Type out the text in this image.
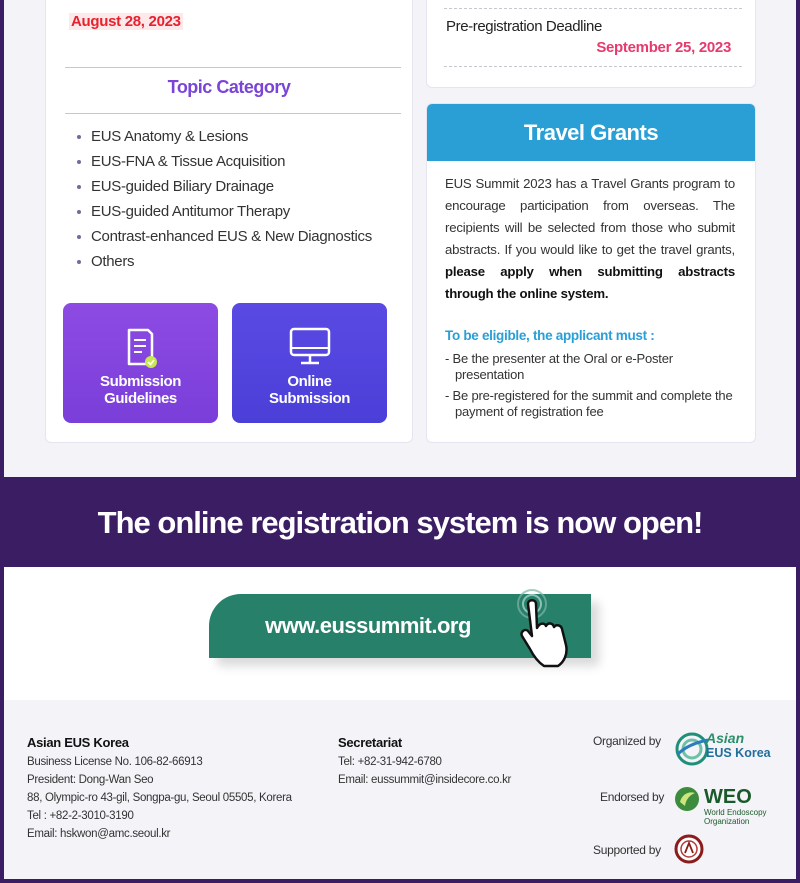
August 28, 2023
Topic Category
EUS Anatomy & Lesions
EUS-FNA & Tissue Acquisition
EUS-guided Biliary Drainage
EUS-guided Antitumor Therapy
Contrast-enhanced EUS & New Diagnostics
Others
Submission
Guidelines
Online
Submission
Pre-registration Deadline
September 25, 2023
Travel Grants
EUS Summit 2023 has a Travel Grants program to encourage participation from overseas. The recipients will be selected from those who submit abstracts. If you would like to get the travel grants, please apply when submitting abstracts through the online system.
To be eligible, the applicant must :
- Be the presenter at the Oral or e-Poster presentation
- Be pre-registered for the summit and complete the payment of registration fee
The online registration system is now open!
www.eussummit.org
Asian EUS Korea
Business License No. 106-82-66913
President: Dong-Wan Seo
88, Olympic-ro 43-gil, Songpa-gu, Seoul 05505, Korera
Tel : +82-2-3010-3190
Email: hskwon@amc.seoul.kr
Secretariat
Tel: +82-31-942-6780
Email: eussummit@insidecore.co.kr
Organized by	Asian
EUS Korea
Endorsed by WEO
World Endoscopy
Organization
Supported by
